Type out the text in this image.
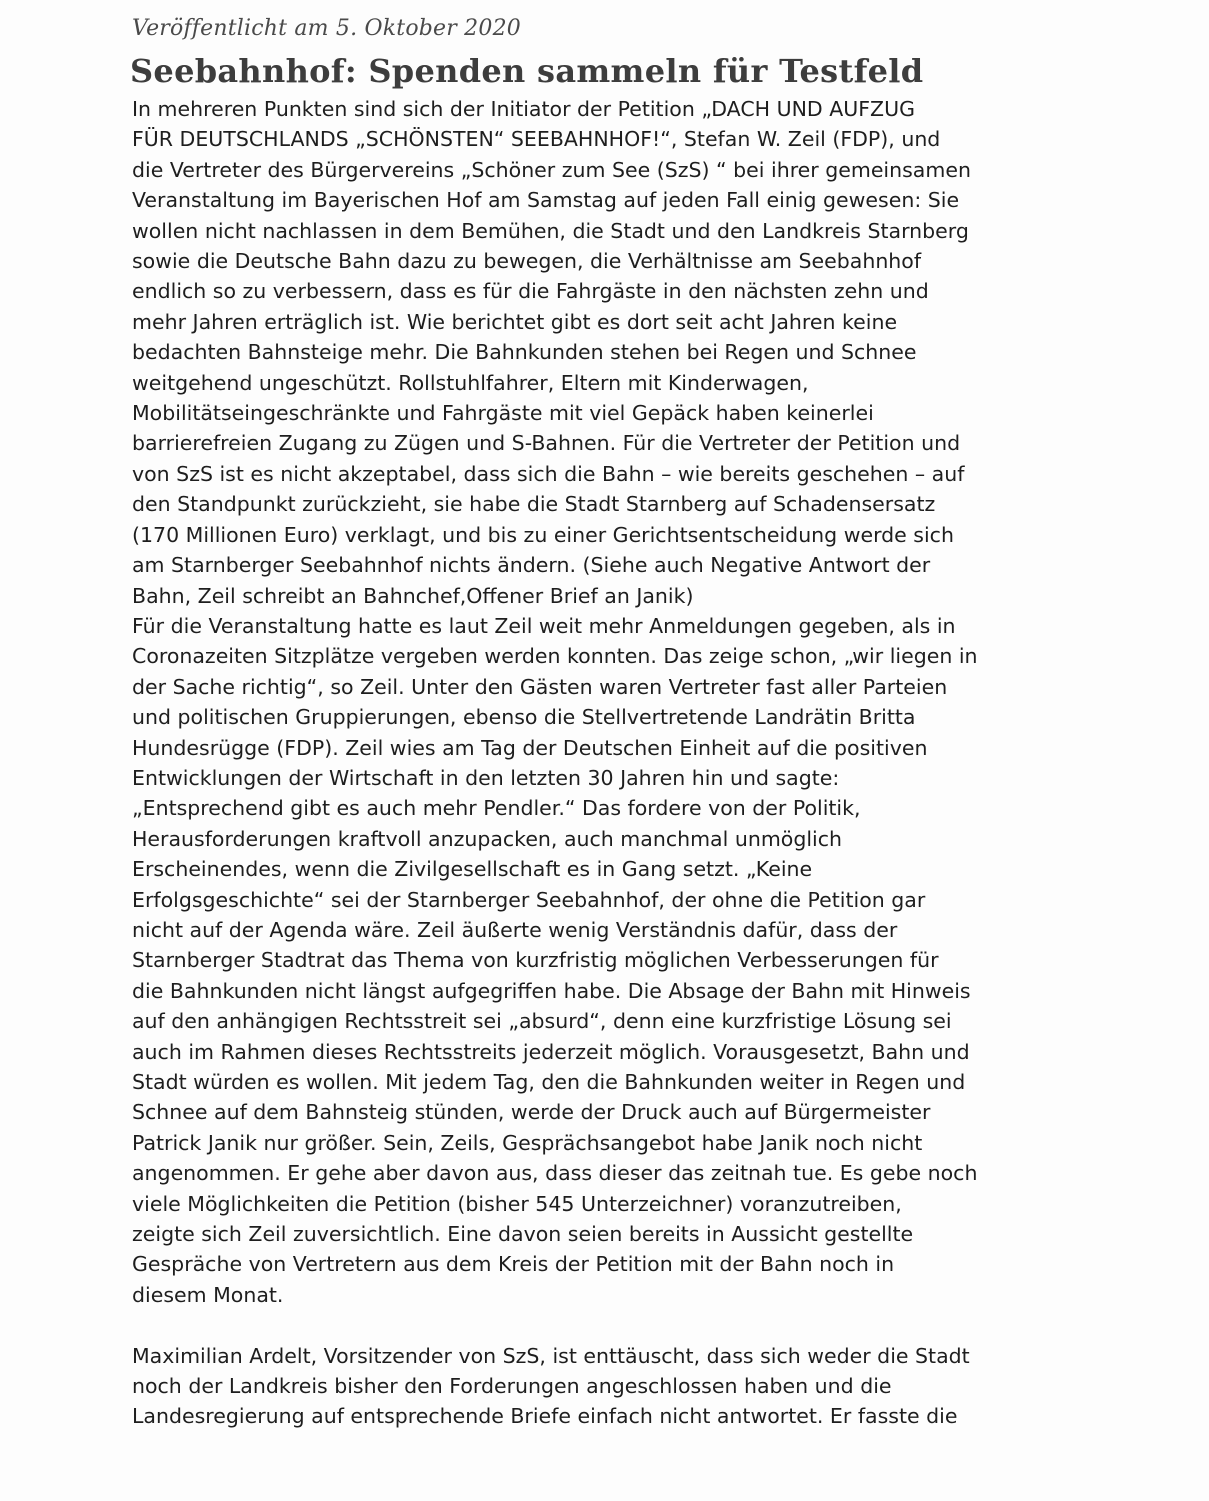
Veröffentlicht am 5. Oktober 2020
Seebahnhof: Spenden sammeln für Testfeld
In mehreren Punkten sind sich der Initiator der Petition „DACH UND AUFZUG
FÜR DEUTSCHLANDS „SCHÖNSTEN“ SEEBAHNHOF!“, Stefan W. Zeil (FDP), und
die Vertreter des Bürgervereins „Schöner zum See (SzS) “ bei ihrer gemeinsamen
Veranstaltung im Bayerischen Hof am Samstag auf jeden Fall einig gewesen: Sie
wollen nicht nachlassen in dem Bemühen, die Stadt und den Landkreis Starnberg
sowie die Deutsche Bahn dazu zu bewegen, die Verhältnisse am Seebahnhof
endlich so zu verbessern, dass es für die Fahrgäste in den nächsten zehn und
mehr Jahren erträglich ist. Wie berichtet gibt es dort seit acht Jahren keine
bedachten Bahnsteige mehr. Die Bahnkunden stehen bei Regen und Schnee
weitgehend ungeschützt. Rollstuhlfahrer, Eltern mit Kinderwagen,
Mobilitätseingeschränkte und Fahrgäste mit viel Gepäck haben keinerlei
barrierefreien Zugang zu Zügen und S-Bahnen. Für die Vertreter der Petition und
von SzS ist es nicht akzeptabel, dass sich die Bahn – wie bereits geschehen – auf
den Standpunkt zurückzieht, sie habe die Stadt Starnberg auf Schadensersatz
(170 Millionen Euro) verklagt, und bis zu einer Gerichtsentscheidung werde sich
am Starnberger Seebahnhof nichts ändern. (Siehe auch Negative Antwort der
Bahn, Zeil schreibt an Bahnchef,Offener Brief an Janik)
Für die Veranstaltung hatte es laut Zeil weit mehr Anmeldungen gegeben, als in
Coronazeiten Sitzplätze vergeben werden konnten. Das zeige schon, „wir liegen in
der Sache richtig“, so Zeil. Unter den Gästen waren Vertreter fast aller Parteien
und politischen Gruppierungen, ebenso die Stellvertretende Landrätin Britta
Hundesrügge (FDP). Zeil wies am Tag der Deutschen Einheit auf die positiven
Entwicklungen der Wirtschaft in den letzten 30 Jahren hin und sagte:
„Entsprechend gibt es auch mehr Pendler.“ Das fordere von der Politik,
Herausforderungen kraftvoll anzupacken, auch manchmal unmöglich
Erscheinendes, wenn die Zivilgesellschaft es in Gang setzt. „Keine
Erfolgsgeschichte“ sei der Starnberger Seebahnhof, der ohne die Petition gar
nicht auf der Agenda wäre. Zeil äußerte wenig Verständnis dafür, dass der
Starnberger Stadtrat das Thema von kurzfristig möglichen Verbesserungen für
die Bahnkunden nicht längst aufgegriffen habe. Die Absage der Bahn mit Hinweis
auf den anhängigen Rechtsstreit sei „absurd“, denn eine kurzfristige Lösung sei
auch im Rahmen dieses Rechtsstreits jederzeit möglich. Vorausgesetzt, Bahn und
Stadt würden es wollen. Mit jedem Tag, den die Bahnkunden weiter in Regen und
Schnee auf dem Bahnsteig stünden, werde der Druck auch auf Bürgermeister
Patrick Janik nur größer. Sein, Zeils, Gesprächsangebot habe Janik noch nicht
angenommen. Er gehe aber davon aus, dass dieser das zeitnah tue. Es gebe noch
viele Möglichkeiten die Petition (bisher 545 Unterzeichner) voranzutreiben,
zeigte sich Zeil zuversichtlich. Eine davon seien bereits in Aussicht gestellte
Gespräche von Vertretern aus dem Kreis der Petition mit der Bahn noch in
diesem Monat.
Maximilian Ardelt, Vorsitzender von SzS, ist enttäuscht, dass sich weder die Stadt
noch der Landkreis bisher den Forderungen angeschlossen haben und die
Landesregierung auf entsprechende Briefe einfach nicht antwortet. Er fasste die
